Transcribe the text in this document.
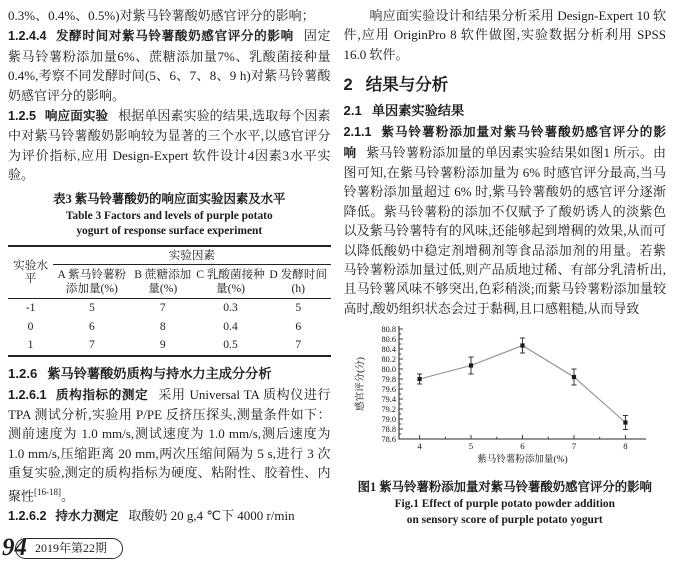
0.3%、0.4%、0.5%)对紫马铃薯酸奶感官评分的影响；

1.2.4.4 发酵时间对紫马铃薯酸奶感官评分的影响 固定紫马铃薯粉添加量6%、蔗糖添加量7%、乳酸菌接种量0.4%,考察不同发酵时间(5、6、7、8、9 h)对紫马铃薯酸奶感官评分的影响。

1.2.5 响应面实验 根据单因素实验的结果,选取每个因素中对紫马铃薯酸奶影响较为显著的三个水平,以感官评分为评价指标,应用 Design-Expert 软件设计4因素3水平实验。

表3 紫马铃薯酸奶的响应面实验因素及水平

Table 3 Factors and levels of purple potato

yogurt of response surface experiment

实验水平	实验因素			
	A 紫马铃薯粉添加量(%)	B 蔗糖添加量(%)	C 乳酸菌接种量(%)	D 发酵时间(h)
-1	5	7	0.3	5
0	6	8	0.4	6
1	7	9	0.5	7

1.2.6 紫马铃薯酸奶质构与持水力主成分分析

1.2.6.1 质构指标的测定 采用 Universal TA 质构仪进行 TPA 测试分析,实验用 P/PE 反挤压探头,测量条件如下：测前速度为 1.0 mm/s,测试速度为 1.0 mm/s,测后速度为 1.0 mm/s,压缩距离 20 mm,两次压缩间隔为 5 s,进行 3 次重复实验,测定的质构指标为硬度、粘附性、胶着性、内聚性[16-18]。

1.2.6.2 持水力测定 取酸奶 20 g,4 ℃下 4000 r/min

响应面实验设计和结果分析采用 Design-Expert 10 软件,应用 OriginPro 8 软件做图,实验数据分析利用 SPSS 16.0 软件。

2 结果与分析

2.1 单因素实验结果

2.1.1 紫马铃薯粉添加量对紫马铃薯酸奶感官评分的影响 紫马铃薯粉添加量的单因素实验结果如图1 所示。由图可知,在紫马铃薯粉添加量为 6% 时感官评分最高,当马铃薯粉添加量超过 6% 时,紫马铃薯酸奶的感官评分逐渐降低。紫马铃薯粉的添加不仅赋予了酸奶诱人的淡紫色以及紫马铃薯特有的风味,还能够起到增稠的效果,从而可以降低酸奶中稳定剂增稠剂等食品添加剂的用量。若紫马铃薯粉添加量过低,则产品质地过稀、有部分乳清析出,且马铃薯风味不够突出,色彩稍淡;而紫马铃薯粉添加量较高时,酸奶组织状态会过于黏稠,且口感粗糙,从而导致

78.6
78.8
79.0
79.2
79.4
79.6
79.8
80.0
80.2
80.4
80.6
80.8
4	5	6	7	8
紫马铃薯粉添加量(%)
感官评分(分)

图1 紫马铃薯粉添加量对紫马铃薯酸奶感官评分的影响

Fig.1 Effect of purple potato powder addition

on sensory score of purple potato yogurt

94 2019年第22期
